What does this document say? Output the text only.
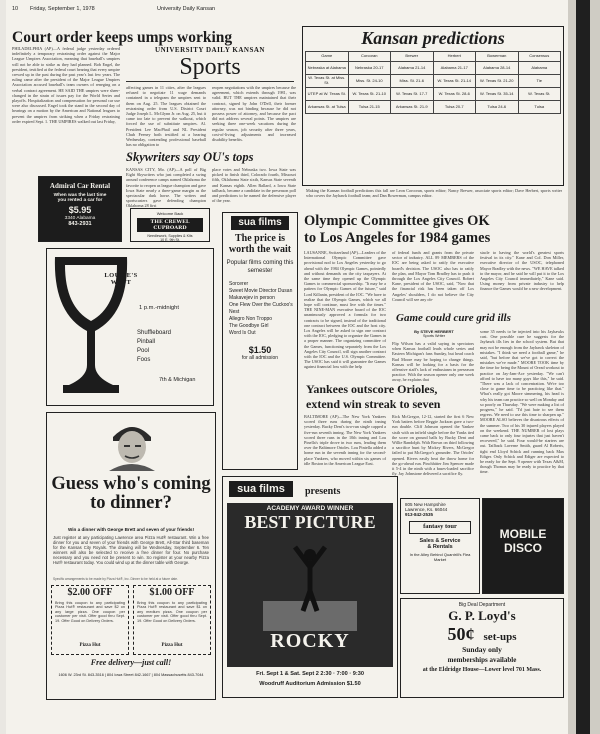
10 Friday, September 1, 1978	University Daily Kansan
Court order keeps umps working
UNIVERSITY DAILY KANSAN
Sports
PHILADELPHIA (AP)—A federal judge yesterday ordered indefinitely a temporary restraining order against the Major League Umpires Association, meaning that baseball's umpires will not be able to strike as they had planned. Bob Engel, the president, testified at the federal court hearing that every umpire crewed up in the past during the past year's last few years. The ruling came after the president of the Major League Umpires Association accused baseball's team owners of reneging on a verbal contract agreement. HE SAID THE umpires were sheer-changed in the strain of issues pay for the World Series and playoffs. Hospitalization and compensation for personal car use were also discussed. Engel took the stand in the second day of hearings on a motion by the American and National leagues to prevent the umpires from striking when a Friday restraining order expired Sept. 1. THE UMPIRES walked out last Friday,
affecting games in 11 cities, after the leagues refused to negotiate 11 wage demands contained in a telegram the umpires sent to them on Aug. 25. The leagues obtained the restraining order from U.S. District Court Judge Joseph L. McGlynn Jr. on Aug. 25, but it came too late to prevent the walkout, which forced the use of substitute umpires. Al. President Lee MacPhail and NL President Chub Feeney both testified at a hearing Wednesday, contending professional baseball has no obligation to
reopen negotiations with the umpires because the agreement, which extends through 1981, was valid. BUT THE umpires maintained that their contract, signed by John O'Dell, their former attorney, was not binding because he did not possess power of attorney, and because the pact did not address several points. The umpires are seeking three one-week vacations during the regular season, job security after three years, cost-of-living adjustments and increased disability benefits.
Skywriters say OU's tops
KANSAS CITY, Mo. (AP)—A poll of Big Eight Skywriters who just completed a swing around conference camps named Oklahoma the favorite to reopen as league champion and gave Iowa State nearly a three-game margin as the spectacular dark horse. The writers and sportscasters gave defending champion Oklahoma 28 first
place votes and Nebraska two. Iowa State was picked to finish third, Colorado fourth, Missouri fifth, Oklahoma State sixth, Kansas State seventh and Kansas eighth. Allen Ballard, a Iowa State tailback, became a candidate in the preseason poll and predictions to be named the defensive player of the year.
Admiral Car Rental
When was the last time
you rented a car for
$5.95
3340 Alabama
843-2931
Welcome Back
THE CREWEL CUPBOARD
Needlework, Supplies & Kits
10 E. 9th St.
LOUISE'S WEST
1 p.m.-midnight
Shuffleboard
Pinball
Pool
Foos
7th & Michigan
Guess who's coming to dinner?
Win a dinner with George Brett and seven of your friends!
Just register at any participating Lawrence area Pizza Hut® restaurant. Win a free dinner for you and seven of your friends with George Brett, All-Star third baseman for the Kansas City Royals. The drawing will be Wednesday, September 6. Ten winners will also be selected to receive a free dinner for four. No purchase necessary and you need not be present to win. So register at your nearby Pizza Hut® restaurant today. You could wind up at the dinner table with George.
Specific arrangements to be made by Pizza Hut®, Inc. Dinner to be held at a future date.
$2.00 OFF
Bring this coupon to any participating Pizza Hut® restaurant and save $2 on any large pizza. One coupon per customer per visit. Offer good thru Sept. 19. Offer Good on Delivery Orders.
Pizza Hut
$1.00 OFF
Bring this coupon to any participating Pizza Hut® restaurant and save $1 on any medium pizza. One coupon per customer per visit. Offer good thru Sept. 19. Offer Good on Delivery Orders.
Pizza Hut
Free delivery—just call!
1606 W. 23rd St. 843-3516 | 804 Iowa Street 842-1667 | 804 Massachusetts 843-7044
Kansan predictions
Game	Corcoran	Brewer	Herbert	Bowerman	Consensus
Nebraska at Alabama	Nebraska 20-17	Alabama 21-14	Alabama 21-17	Alabama 28-14	Alabama
W. Texas St. at Miss. St.	Miss. St. 24-10	Miss. St. 21-6	W. Texas St. 21-14	W. Texas St. 21-20	Tie
UTEP at W. Texas St.	W. Texas St. 21-10	W. Texas St. 17-7	W. Texas St. 28-6	W. Texas St. 35-14	W. Texas St.
Arkansas St. at Tulsa	Tulsa 21-15	Arkansas St. 21-9	Tulsa 20-7	Tulsa 24-6	Tulsa
Making the Kansan football predictions this fall are Leon Corcoran, sports editor; Nancy Brewer, associate sports editor; Dave Herbert, sports writer who covers the Jayhawk football team; and Dan Bowerman, campus editor.
sua films
The price is worth the wait
Popular films coming this semester
Sorcerer
Sweet Movie Director Dusan Makavejev in person
One Flew Over the Cuckoo's Nest
Allegro Non Troppo
The Goodbye Girl
Word Is Out
$1.50
for all admission
Olympic Committee gives OK
to Los Angeles for 1984 games
LAUSANNE, Switzerland (AP)—Leaders of the International Olympic Committee gave provisional nod to Los Angeles yesterday to go ahead with the 1984 Olympic Games, pointedly and without demands on the city taxpayers. At the same time they opened up the Olympic Games to commercial sponsorship. "It may be a pattern for Olympic Games of the future," said Lord Killanin, president of the IOC. "We have to realize that the Olympic Games, which we all hope will continue, must live with the times." THE NINE-MAN executive board of the IOC unanimously approved a formula for two contracts to be signed, instead of the traditional one contract between the IOC and the host city. Los Angeles will be asked to sign one contract with the IOC, pledging to organize the Games in a proper manner. The organizing committee of the Games, functioning separately from the Los Angeles City Council, will sign another contract with the IOC and the U.S. Olympic Committee. The USOC has said it will guarantee the Games against financial loss with the help
of federal funds and grants from the private sector of industry. ALL 89 MEMBERS of the IOC are being asked to ratify the executive board's decision. The USOC also has to ratify the plan, and Mayor Tom Bradley has to push it through the Los Angeles City Council. Robert Kane, president of the USOC, said, "Now that the financial risk has been taken off Los Angeles' shoulders, I do not believe the City Council will see any ob-
stacle to having the world's greatest sports festival in its city." Kane and Col. Don Miller, executive director of the USOC, telephoned Mayor Bradley with the news. "WE HAVE talked to the mayor, and he said he will put it to the Los Angeles City Council immediately," Kane said. Using money from private industry to help finance the Games would be a new development.
Game could cure grid ills
By STEVE HERBERT
Sports Writer
Flip Wilson has a valid saying in spectators when Kansas football leads whole series and Eastern Michigan's fans Sunday, but head coach Bud Moore may be hoping to change things. Kansas will be looking for a basis for the offensive staff's lack of enthusiasm in preseason practice. With the season opener only one week away, he explains that
some 35 needs to be injected into his Jayhawks cast. One possible cure he suggests for the Jayhawk ills lies in the school system. But that may not be enough from the Jayhawk skeleton of mistakes. "I think we need a football game," he said, "but before that we've got to correct the mistakes we've made." MOORE TOOK time by the time for being the Mount of Oread workout to practice on Jay-Jam-Ace yesterday. "We can't afford to have too many guys like this," he said. "There was a lack of concentration. We're too close to game time to be practicing like that." What's really got Moore simmering, his head is why his team can practice so well on Monday and so poorly on Thursday. "We were making a list of progress," he said. "I'd just hate to see them regress. We need to use this time to sharpen up." MOORE ALSO believes the disastrous effects of the summer. Two of his 30 injured players played on the weekend. THE NUMBER of lost plays came back to only four injuries that just haven't recovered," he said. Four would-be starters are out. Tailback Laverne Smith, guard Al Roberts, tight end Lloyd Schick and running back Max Ediger. Only Schick and Ediger are expected to be ready for the Sept. 9 opener with Texas A&M, though Thomas may be ready to practice by that time.
Yankees outscore Orioles,
extend win streak to seven
BALTIMORE (AP)—The New York Yankees scored three runs during the ninth inning yesterday. Bucky Dent's two-run single capped a five-run seventh inning. The New York Yankees scored three runs in the 10th inning and Lou Pinella's triple drove in two runs, leading them over the Baltimore Orioles. Lou Piniella added a home run in the seventh inning for the second-place Yankees, who moved within six games of idle Boston in the American League East.
Rick McGregor, 12-12, started the first 6 New York batters before Reggie Jackson gave a two-run double. Cliff Johnson opened the Yankee sixth with an infield single before the Yanks tied the score on ground balls by Bucky Dent and Willie Randolph. With Brown on third following a sacrifice bunt by Mickey Rivers, McGregor failed to put McGregor's grounder. The Orioles' opened. Rivers easily beat the throw home for the go-ahead run. Pinchhitter Jim Spencer made it 5-4 in the ninth with a bases-loaded sacrifice fly. Jay Johnstone delivered a sacrifice fly.
sua films	presents
ACADEMY AWARD WINNER
BEST PICTURE
ROCKY
Fri. Sept 1 & Sat. Sept 2 2:30 · 7:00 · 9:30
Woodruff Auditorium Admission $1.50
805 New Hampshire
Lawrence, Ks. 66044
913-842-2535
fantasy tour
Sales & Service
& Rentals
In the Alley Behind Quantrill's Flea Market
MOBILE
DISCO
Big Deal Department
G. P. Loyd's
50¢ set-ups
Sunday only
memberships available
at the Eldridge House—Lower level 701 Mass.
